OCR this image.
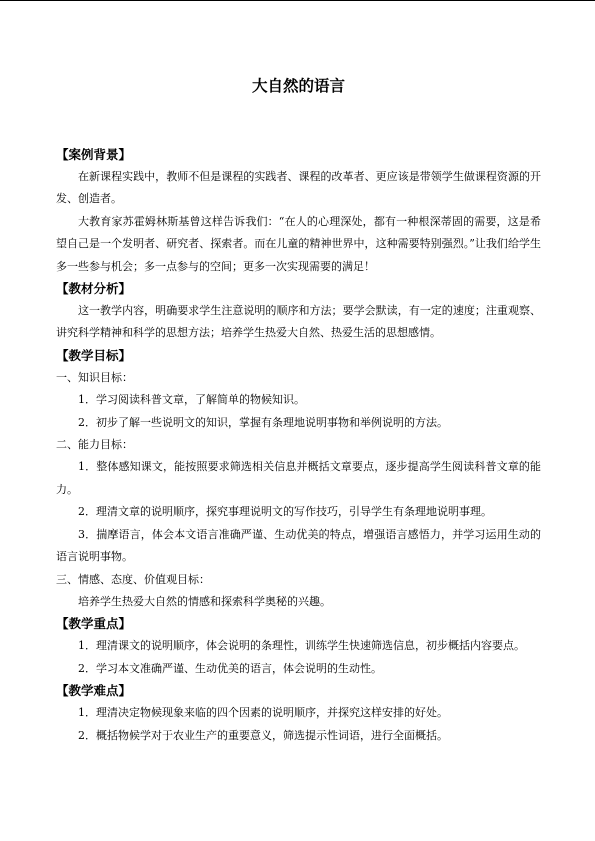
大自然的语言

【案例背景】

在新课程实践中，教师不但是课程的实践者、课程的改革者、更应该是带领学生做课程资源的开发、创造者。

大教育家苏霍姆林斯基曾这样告诉我们：“在人的心理深处，都有一种根深蒂固的需要，这是希望自己是一个发明者、研究者、探索者。而在儿童的精神世界中，这种需要特别强烈。”让我们给学生多一些参与机会；多一点参与的空间；更多一次实现需要的满足！

【教材分析】

这一教学内容，明确要求学生注意说明的顺序和方法；要学会默读，有一定的速度；注重观察、讲究科学精神和科学的思想方法；培养学生热爱大自然、热爱生活的思想感情。

【教学目标】

一、知识目标：

1．学习阅读科普文章，了解简单的物候知识。

2．初步了解一些说明文的知识，掌握有条理地说明事物和举例说明的方法。

二、能力目标：

1．整体感知课文，能按照要求筛选相关信息并概括文章要点，逐步提高学生阅读科普文章的能力。

2．理清文章的说明顺序，探究事理说明文的写作技巧，引导学生有条理地说明事理。

3．揣摩语言，体会本文语言准确严谨、生动优美的特点，增强语言感悟力，并学习运用生动的语言说明事物。

三、情感、态度、价值观目标：

培养学生热爱大自然的情感和探索科学奥秘的兴趣。

【教学重点】

1．理清课文的说明顺序，体会说明的条理性，训练学生快速筛选信息，初步概括内容要点。

2．学习本文准确严谨、生动优美的语言，体会说明的生动性。

【教学难点】

1．理清决定物候现象来临的四个因素的说明顺序，并探究这样安排的好处。

2．概括物候学对于农业生产的重要意义，筛选提示性词语，进行全面概括。
